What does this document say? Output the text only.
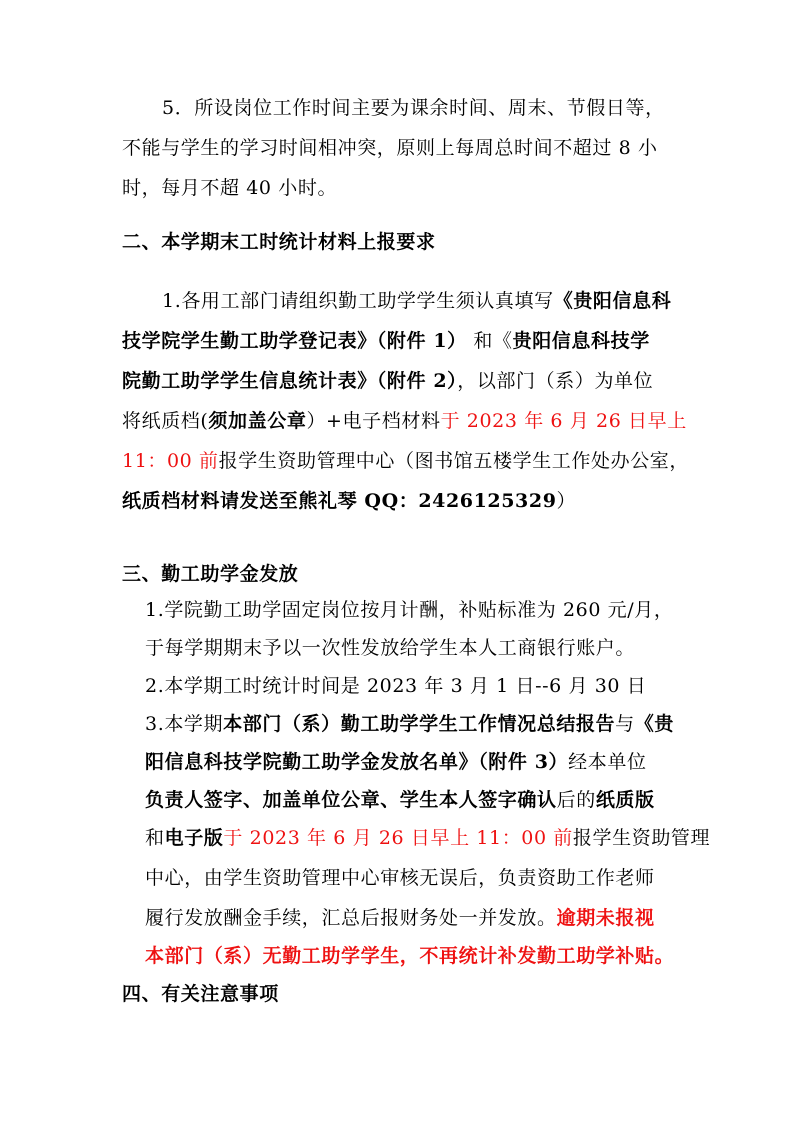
5．所设岗位工作时间主要为课余时间、周末、节假日等，
不能与学生的学习时间相冲突，原则上每周总时间不超过 8 小
时，每月不超 40 小时。
二、本学期末工时统计材料上报要求
1.各用工部门请组织勤工助学学生须认真填写《贵阳信息科
技学院学生勤工助学登记表》（附件 1） 和《贵阳信息科技学
院勤工助学学生信息统计表》（附件 2），以部门（系）为单位
将纸质档(须加盖公章）+电子档材料于 2023 年 6 月 26 日早上
11：00 前报学生资助管理中心（图书馆五楼学生工作处办公室，
纸质档材料请发送至熊礼琴 QQ：2426125329）
三、勤工助学金发放
1.学院勤工助学固定岗位按月计酬，补贴标准为 260 元/月，
于每学期期末予以一次性发放给学生本人工商银行账户。
2.本学期工时统计时间是 2023 年 3 月 1 日--6 月 30 日
3.本学期本部门（系）勤工助学学生工作情况总结报告与《贵
阳信息科技学院勤工助学金发放名单》（附件 3）经本单位
负责人签字、加盖单位公章、学生本人签字确认后的纸质版
和电子版于 2023 年 6 月 26 日早上 11：00 前报学生资助管理
中心，由学生资助管理中心审核无误后，负责资助工作老师
履行发放酬金手续，汇总后报财务处一并发放。逾期未报视
本部门（系）无勤工助学学生，不再统计补发勤工助学补贴。
四、有关注意事项
